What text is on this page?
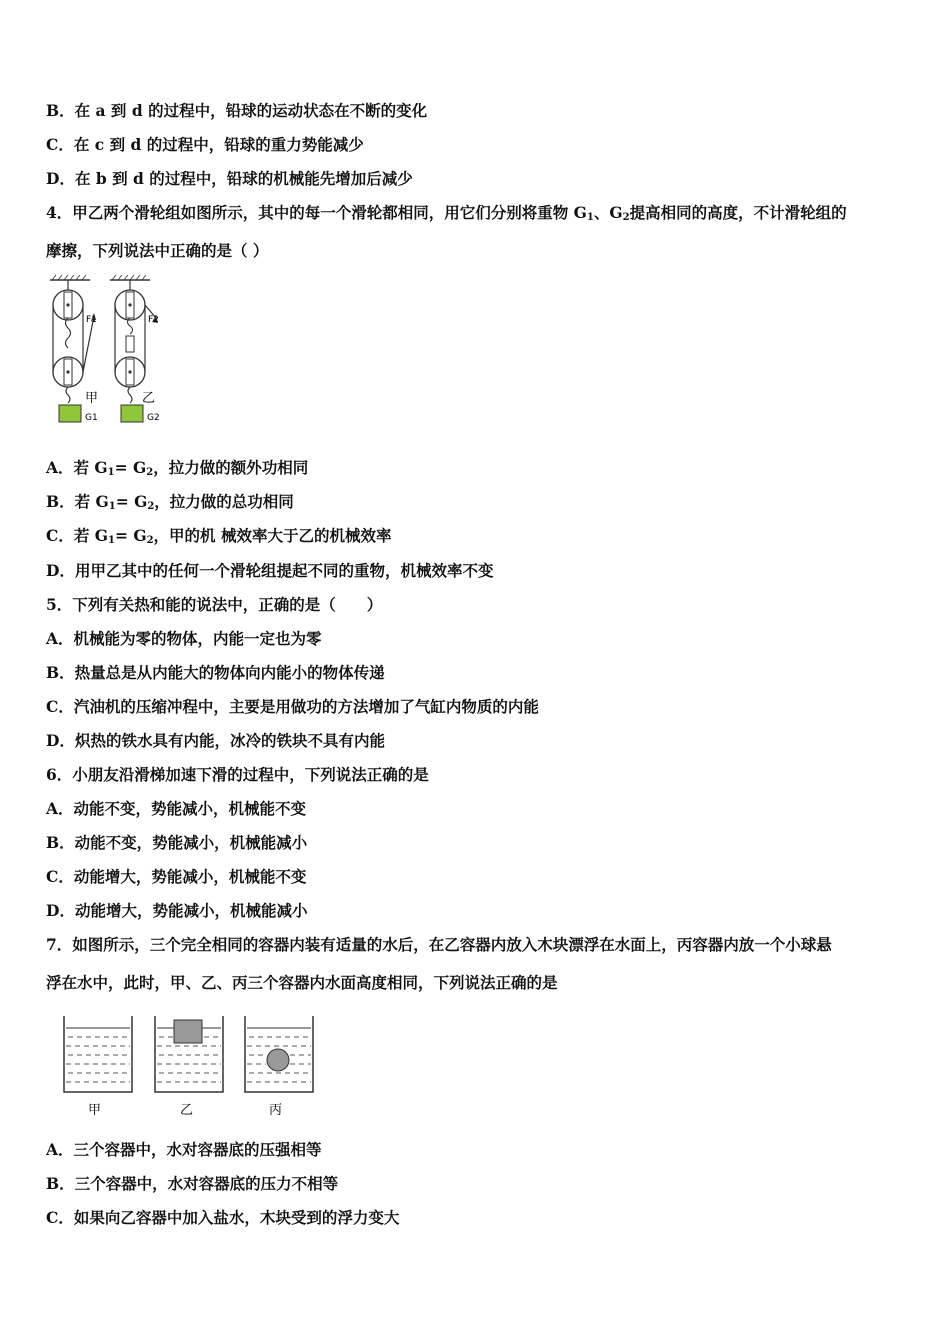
B．在 a 到 d 的过程中，铅球的运动状态在不断的变化
C．在 c 到 d 的过程中，铅球的重力势能减少
D．在 b 到 d 的过程中，铅球的机械能先增加后减少
4．甲乙两个滑轮组如图所示，其中的每一个滑轮都相同，用它们分别将重物 $G_1$、$G_2$提高相同的高度，不计滑轮组的
摩擦，下列说法中正确的是（ ）
F1
甲
G1
F2
乙
G2
A．若 $G_1= G_2$，拉力做的额外功相同
B．若 $G_1= G_2$，拉力做的总功相同
C．若 $G_1= G_2$，甲的机 械效率大于乙的机械效率
D．用甲乙其中的任何一个滑轮组提起不同的重物，机械效率不变
5．下列有关热和能的说法中，正确的是（　　）
A．机械能为零的物体，内能一定也为零
B．热量总是从内能大的物体向内能小的物体传递
C．汽油机的压缩冲程中，主要是用做功的方法增加了气缸内物质的内能
D．炽热的铁水具有内能，冰冷的铁块不具有内能
6．小朋友沿滑梯加速下滑的过程中，下列说法正确的是
A．动能不变，势能减小，机械能不变
B．动能不变，势能减小，机械能减小
C．动能增大，势能减小，机械能不变
D．动能增大，势能减小，机械能减小
7．如图所示，三个完全相同的容器内装有适量的水后，在乙容器内放入木块漂浮在水面上，丙容器内放一个小球悬
浮在水中，此时，甲、乙、丙三个容器内水面高度相同，下列说法正确的是
甲	乙	丙
A．三个容器中，水对容器底的压强相等
B．三个容器中，水对容器底的压力不相等
C．如果向乙容器中加入盐水，木块受到的浮力变大
